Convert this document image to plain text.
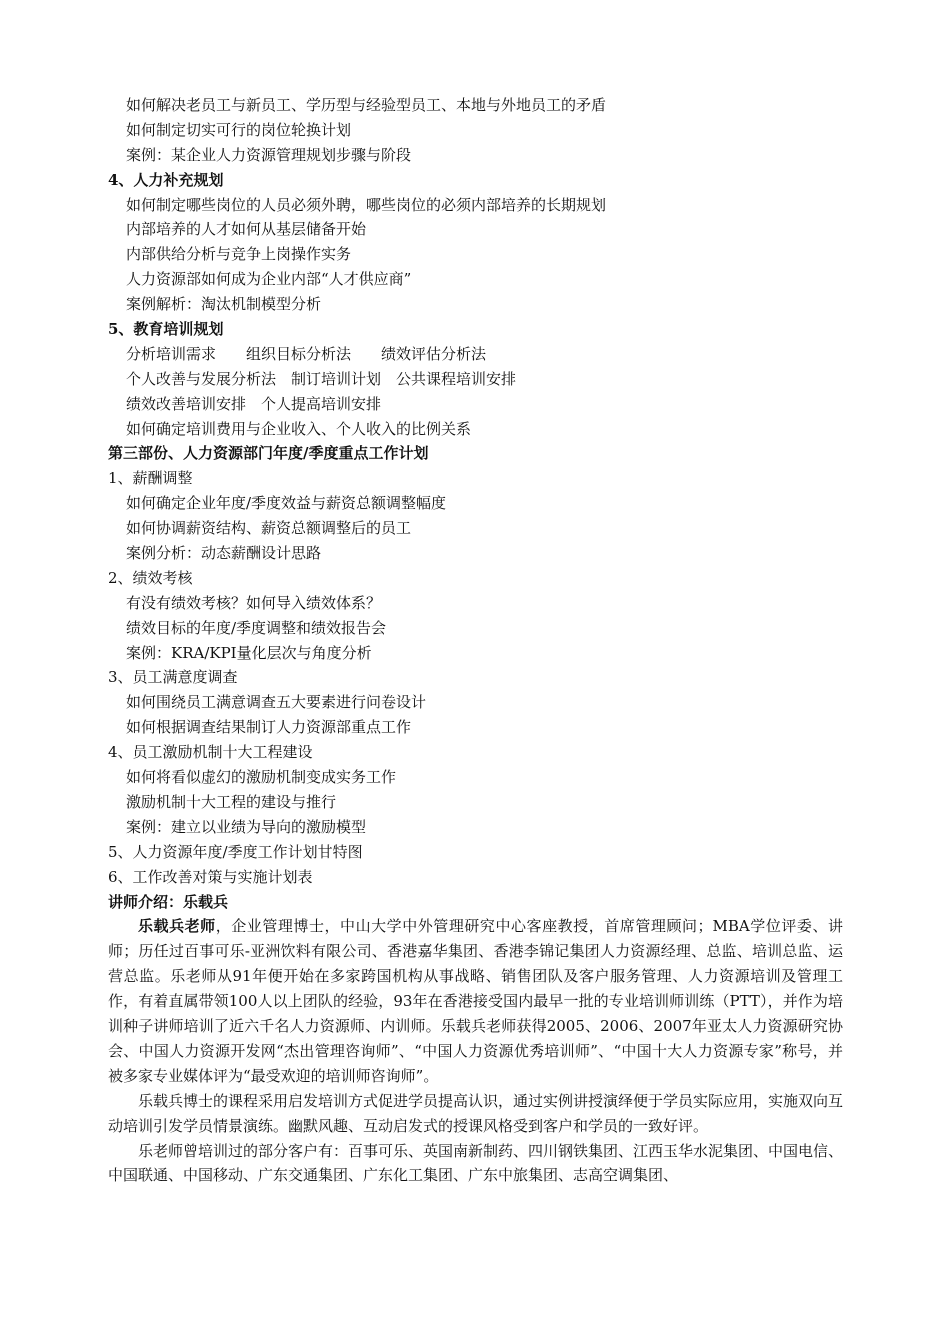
如何解决老员工与新员工、学历型与经验型员工、本地与外地员工的矛盾
如何制定切实可行的岗位轮换计划
案例：某企业人力资源管理规划步骤与阶段
4、人力补充规划
如何制定哪些岗位的人员必须外聘，哪些岗位的必须内部培养的长期规划
内部培养的人才如何从基层储备开始
内部供给分析与竞争上岗操作实务
人力资源部如何成为企业内部“人才供应商”
案例解析：淘汰机制模型分析
5、教育培训规划
分析培训需求　　组织目标分析法　　绩效评估分析法
个人改善与发展分析法　制订培训计划　公共课程培训安排
绩效改善培训安排　个人提高培训安排
如何确定培训费用与企业收入、个人收入的比例关系
第三部份、人力资源部门年度/季度重点工作计划
1、薪酬调整
如何确定企业年度/季度效益与薪资总额调整幅度
如何协调薪资结构、薪资总额调整后的员工
案例分析：动态薪酬设计思路
2、绩效考核
有没有绩效考核？如何导入绩效体系？
绩效目标的年度/季度调整和绩效报告会
案例：KRA/KPI量化层次与角度分析
3、员工满意度调查
如何围绕员工满意调查五大要素进行问卷设计
如何根据调查结果制订人力资源部重点工作
4、员工激励机制十大工程建设
如何将看似虚幻的激励机制变成实务工作
激励机制十大工程的建设与推行
案例：建立以业绩为导向的激励模型
5、人力资源年度/季度工作计划甘特图
6、工作改善对策与实施计划表
讲师介绍：乐载兵

乐载兵老师，企业管理博士，中山大学中外管理研究中心客座教授，首席管理顾问；MBA学位评委、讲师；历任过百事可乐-亚洲饮料有限公司、香港嘉华集团、香港李锦记集团人力资源经理、总监、培训总监、运营总监。乐老师从91年便开始在多家跨国机构从事战略、销售团队及客户服务管理、人力资源培训及管理工作，有着直属带领100人以上团队的经验，93年在香港接受国内最早一批的专业培训师训练（PTT），并作为培训种子讲师培训了近六千名人力资源师、内训师。乐载兵老师获得2005、2006、2007年亚太人力资源研究协会、中国人力资源开发网“杰出管理咨询师”、“中国人力资源优秀培训师”、“中国十大人力资源专家”称号，并被多家专业媒体评为“最受欢迎的培训师咨询师”。

乐载兵博士的课程采用启发培训方式促进学员提高认识，通过实例讲授演绎便于学员实际应用，实施双向互动培训引发学员情景演练。幽默风趣、互动启发式的授课风格受到客户和学员的一致好评。

乐老师曾培训过的部分客户有：百事可乐、英国南新制药、四川钢铁集团、江西玉华水泥集团、中国电信、中国联通、中国移动、广东交通集团、广东化工集团、广东中旅集团、志高空调集团、
